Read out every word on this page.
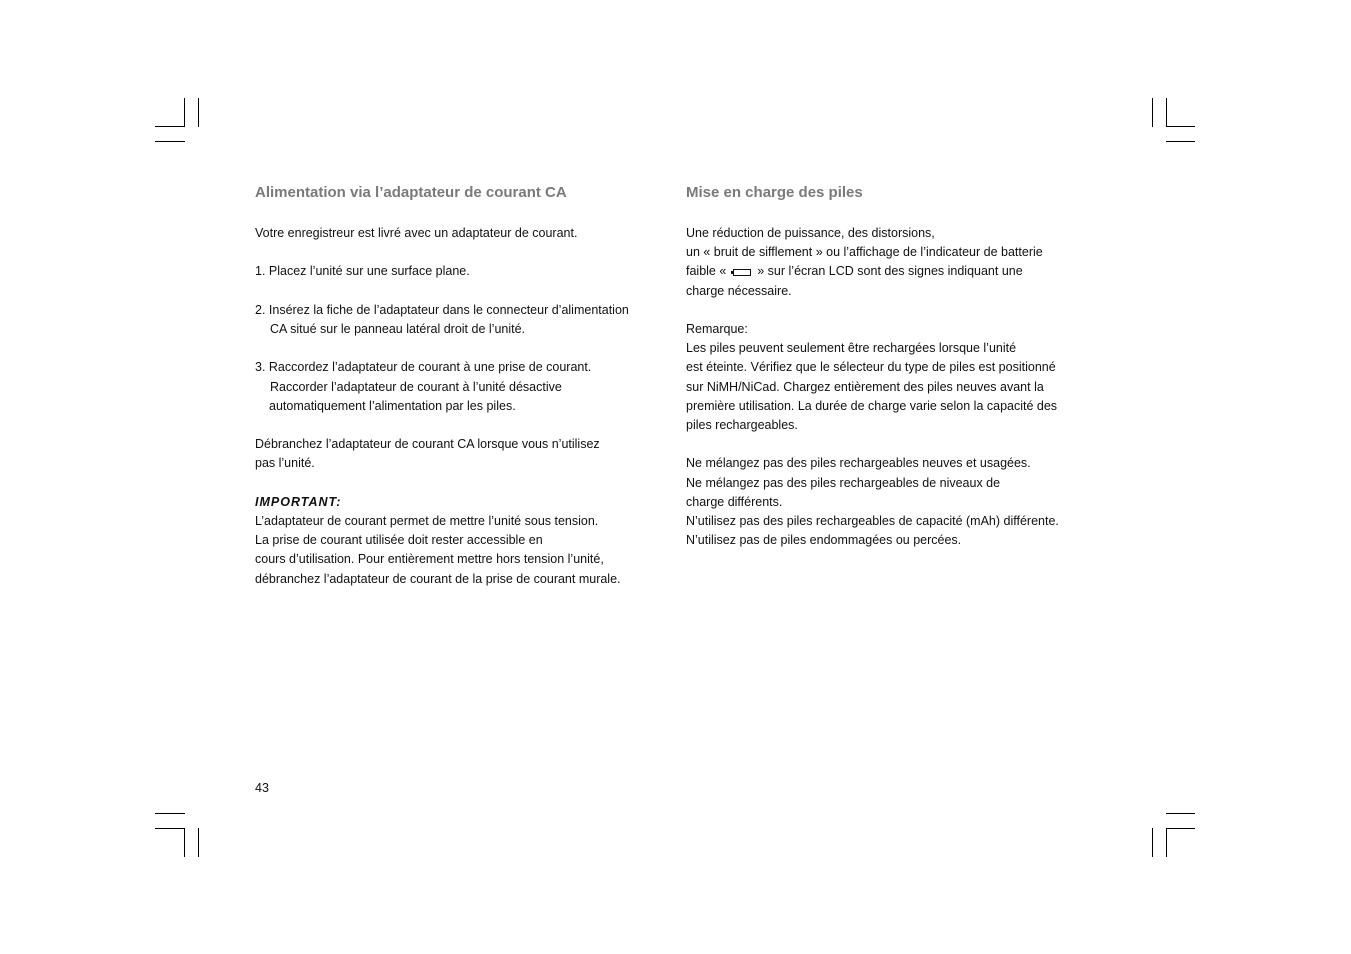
Alimentation via l’adaptateur de courant CA

Votre enregistreur est livré avec un adaptateur de courant.

1. Placez l’unité sur une surface plane.

2. Insérez la fiche de l’adaptateur dans le connecteur d’alimentation
CA situé sur le panneau latéral droit de l’unité.

3. Raccordez l’adaptateur de courant à une prise de courant.
Raccorder l’adaptateur de courant à l’unité désactive
automatiquement l’alimentation par les piles.

Débranchez l’adaptateur de courant CA lorsque vous n’utilisez
pas l’unité.

IMPORTANT:
L’adaptateur de courant permet de mettre l’unité sous tension.
La prise de courant utilisée doit rester accessible en
cours d’utilisation. Pour entièrement mettre hors tension l’unité,
débranchez l’adaptateur de courant de la prise de courant murale.

Mise en charge des piles

Une réduction de puissance, des distorsions,
un « bruit de sifflement » ou l’affichage de l’indicateur de batterie
faible «  » sur l’écran LCD sont des signes indiquant une
charge nécessaire.

Remarque:
Les piles peuvent seulement être rechargées lorsque l’unité
est éteinte. Vérifiez que le sélecteur du type de piles est positionné
sur NiMH/NiCad. Chargez entièrement des piles neuves avant la
première utilisation. La durée de charge varie selon la capacité des
piles rechargeables.

Ne mélangez pas des piles rechargeables neuves et usagées.
Ne mélangez pas des piles rechargeables de niveaux de
charge différents.
N’utilisez pas des piles rechargeables de capacité (mAh) différente.
N’utilisez pas de piles endommagées ou percées.

43
